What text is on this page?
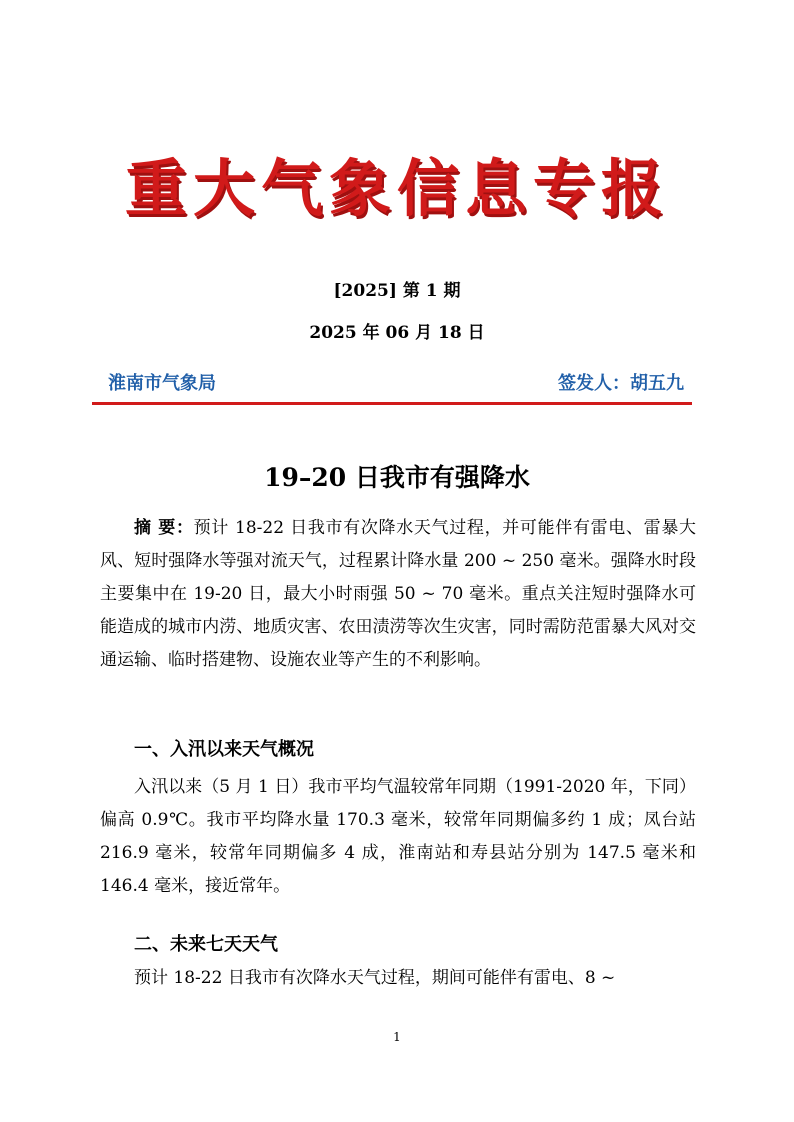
重大气象信息专报
[2025] 第 1 期
2025 年 06 月 18 日
淮南市气象局	签发人：胡五九
19–20 日我市有强降水
摘 要：预计 18-22 日我市有次降水天气过程，并可能伴有雷电、雷暴大风、短时强降水等强对流天气，过程累计降水量 200 ~ 250 毫米。强降水时段主要集中在 19-20 日，最大小时雨强 50 ~ 70 毫米。重点关注短时强降水可能造成的城市内涝、地质灾害、农田渍涝等次生灾害，同时需防范雷暴大风对交通运输、临时搭建物、设施农业等产生的不利影响。
一、入汛以来天气概况
入汛以来（5 月 1 日）我市平均气温较常年同期（1991-2020 年，下同）偏高 0.9℃。我市平均降水量 170.3 毫米，较常年同期偏多约 1 成；凤台站 216.9 毫米，较常年同期偏多 4 成，淮南站和寿县站分别为 147.5 毫米和 146.4 毫米，接近常年。
二、未来七天天气
预计 18-22 日我市有次降水天气过程，期间可能伴有雷电、8 ~
1
